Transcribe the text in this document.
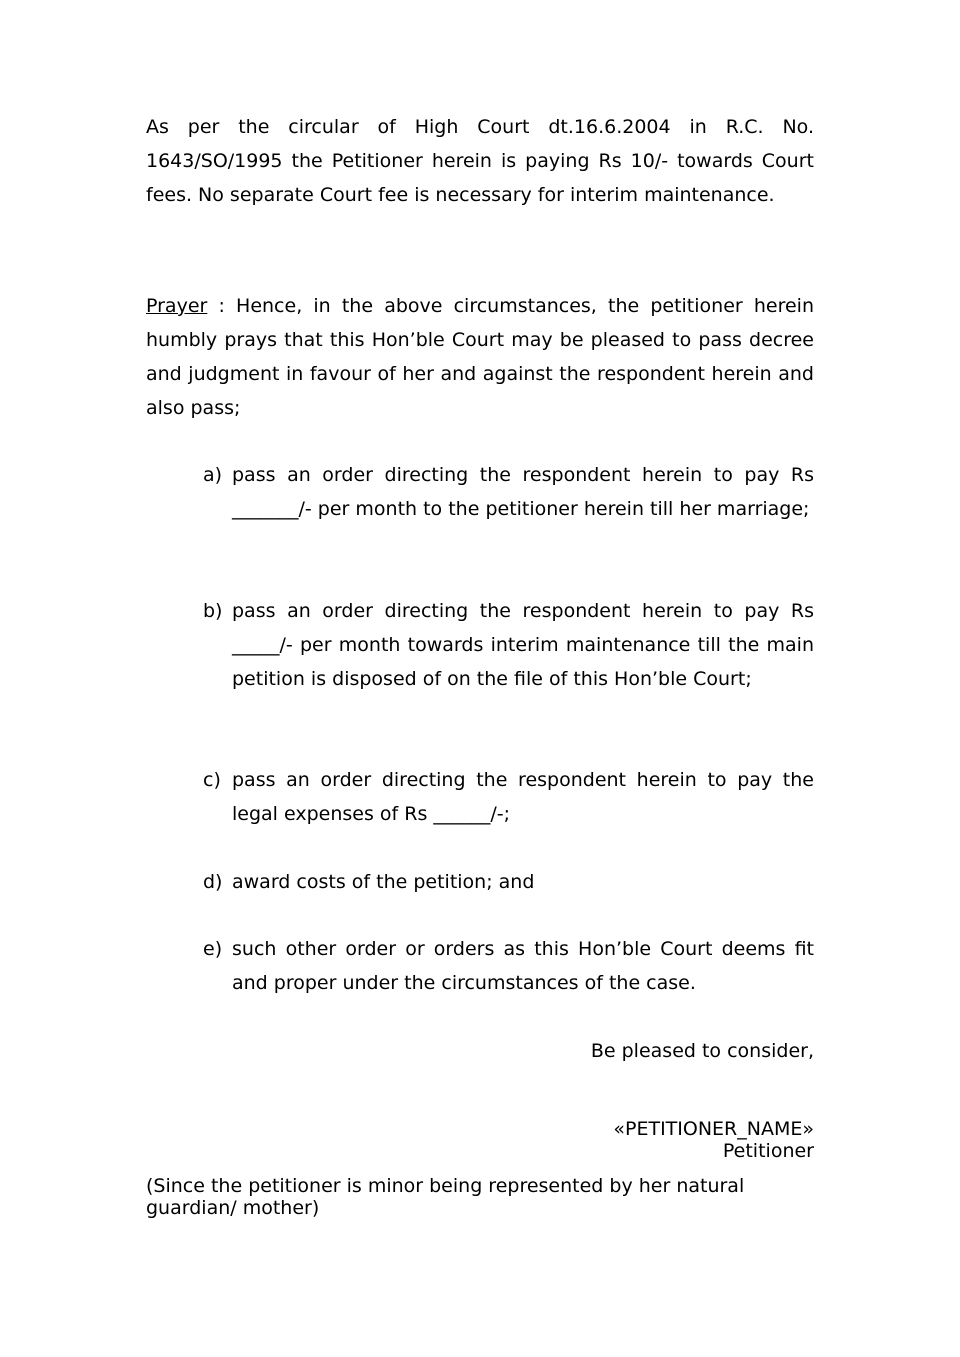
As per the circular of High Court dt.16.6.2004 in R.C. No. 1643/SO/1995 the Petitioner herein is paying Rs 10/- towards Court fees. No separate Court fee is necessary for interim maintenance.

Prayer : Hence, in the above circumstances, the petitioner herein humbly prays that this Hon’ble Court may be pleased to pass decree and judgment in favour of her and against the respondent herein and also pass;

a) pass an order directing the respondent herein to pay Rs _______/- per month to the petitioner herein till her marriage;

b) pass an order directing the respondent herein to pay Rs _____/- per month towards interim maintenance till the main petition is disposed of on the file of this Hon’ble Court;

c) pass an order directing the respondent herein to pay the legal expenses of Rs ______/-;

d) award costs of the petition; and

e) such other order or orders as this Hon’ble Court deems fit and proper under the circumstances of the case.

Be pleased to consider,

«PETITIONER_NAME»
Petitioner

(Since the petitioner is minor being represented by her natural guardian/ mother)
